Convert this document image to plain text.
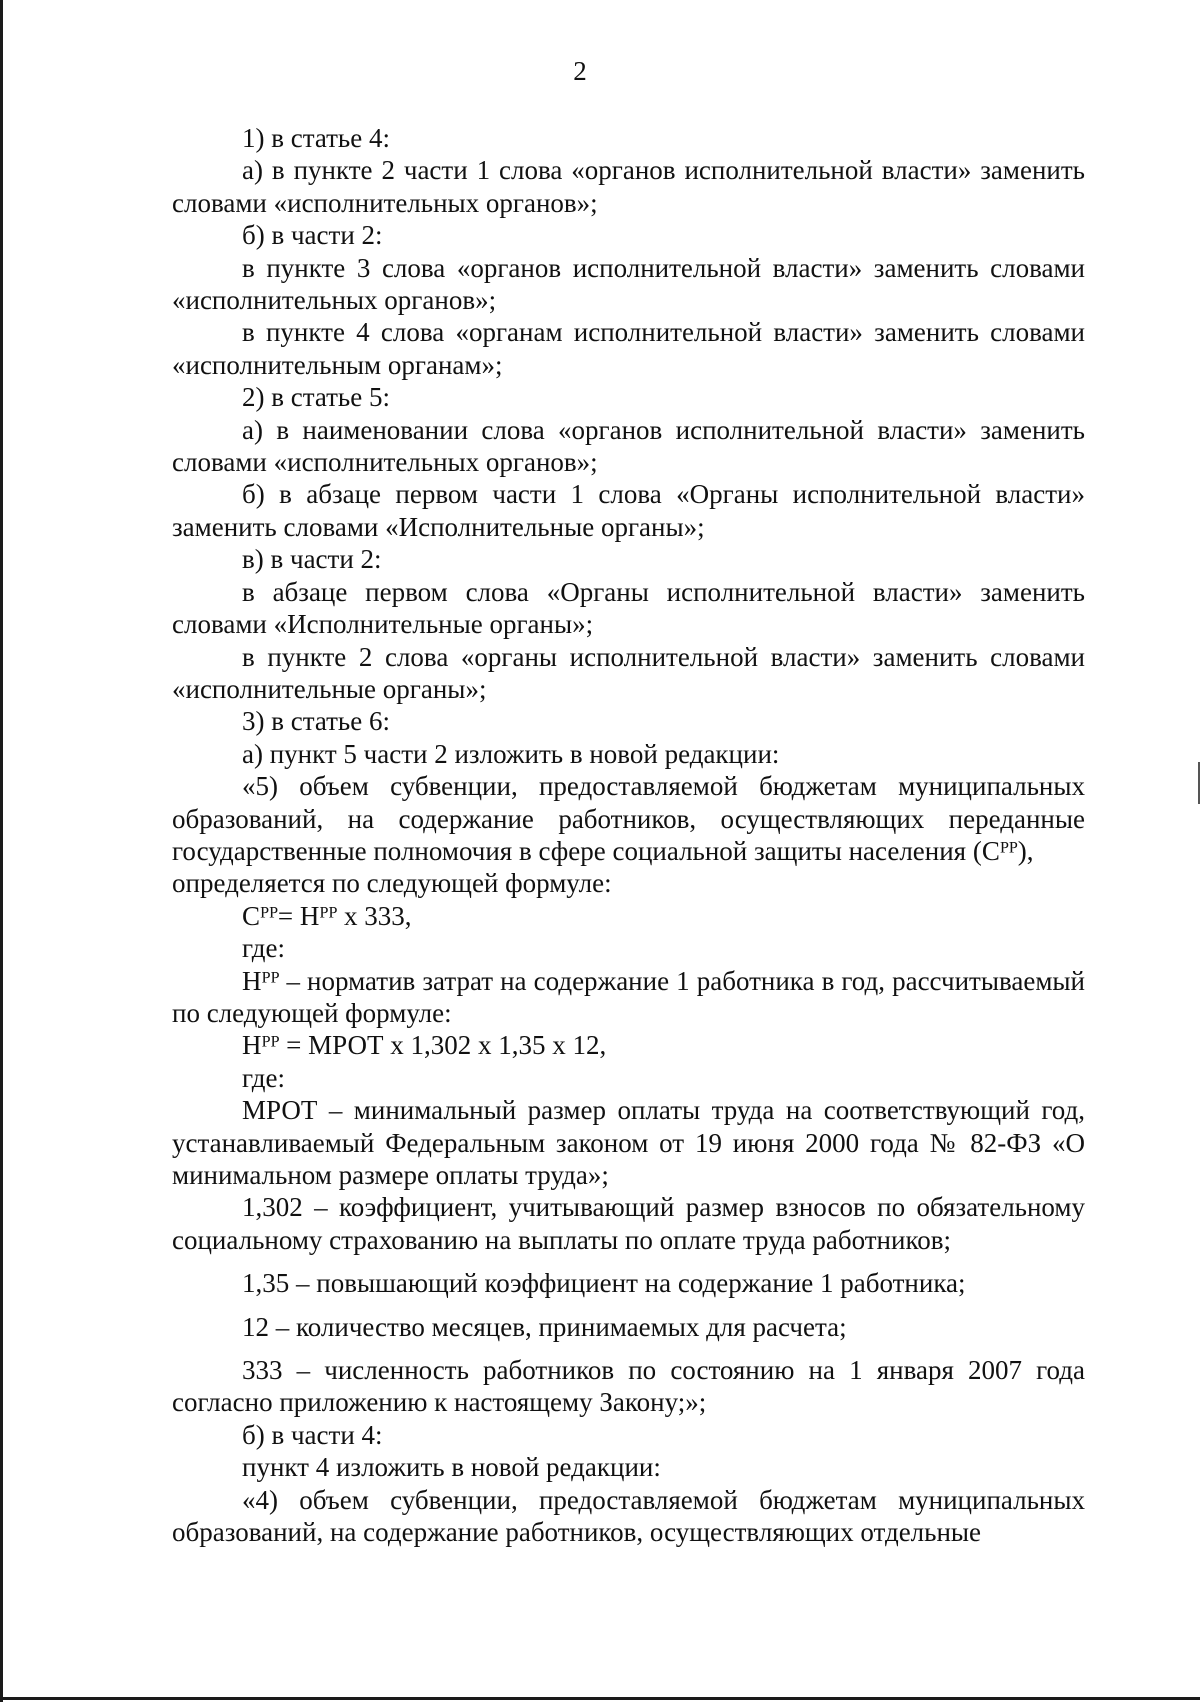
2

1) в статье 4:

а) в пункте 2 части 1 слова «органов исполнительной власти» заменить словами «исполнительных органов»;

б) в части 2:

в пункте 3 слова «органов исполнительной власти» заменить словами «исполнительных органов»;

в пункте 4 слова «органам исполнительной власти» заменить словами «исполнительным органам»;

2) в статье 5:

а) в наименовании слова «органов исполнительной власти» заменить словами «исполнительных органов»;

б) в абзаце первом части 1 слова «Органы исполнительной власти» заменить словами «Исполнительные органы»;

в) в части 2:

в абзаце первом слова «Органы исполнительной власти» заменить словами «Исполнительные органы»;

в пункте 2 слова «органы исполнительной власти» заменить словами «исполнительные органы»;

3) в статье 6:

а) пункт 5 части 2 изложить в новой редакции:

«5) объем субвенции, предоставляемой бюджетам муниципальных образований, на содержание работников, осуществляющих переданные государственные полномочия в сфере социальной защиты населения (Cᴾᴾ),

определяется по следующей формуле:

Cᴾᴾ= Hᴾᴾ x 333,

где:

Hᴾᴾ – норматив затрат на содержание 1 работника в год, рассчитываемый по следующей формуле:

Hᴾᴾ = МРОТ x 1,302 x 1,35 x 12,

где:

МРОТ – минимальный размер оплаты труда на соответствующий год, устанавливаемый Федеральным законом от 19 июня 2000 года № 82-ФЗ «О минимальном размере оплаты труда»;

1,302 – коэффициент, учитывающий размер взносов по обязательному социальному страхованию на выплаты по оплате труда работников;

1,35 – повышающий коэффициент на содержание 1 работника;

12 – количество месяцев, принимаемых для расчета;

333 – численность работников по состоянию на 1 января 2007 года согласно приложению к настоящему Закону;»;

б) в части 4:

пункт 4 изложить в новой редакции:

«4) объем субвенции, предоставляемой бюджетам муниципальных образований, на содержание работников, осуществляющих отдельные
